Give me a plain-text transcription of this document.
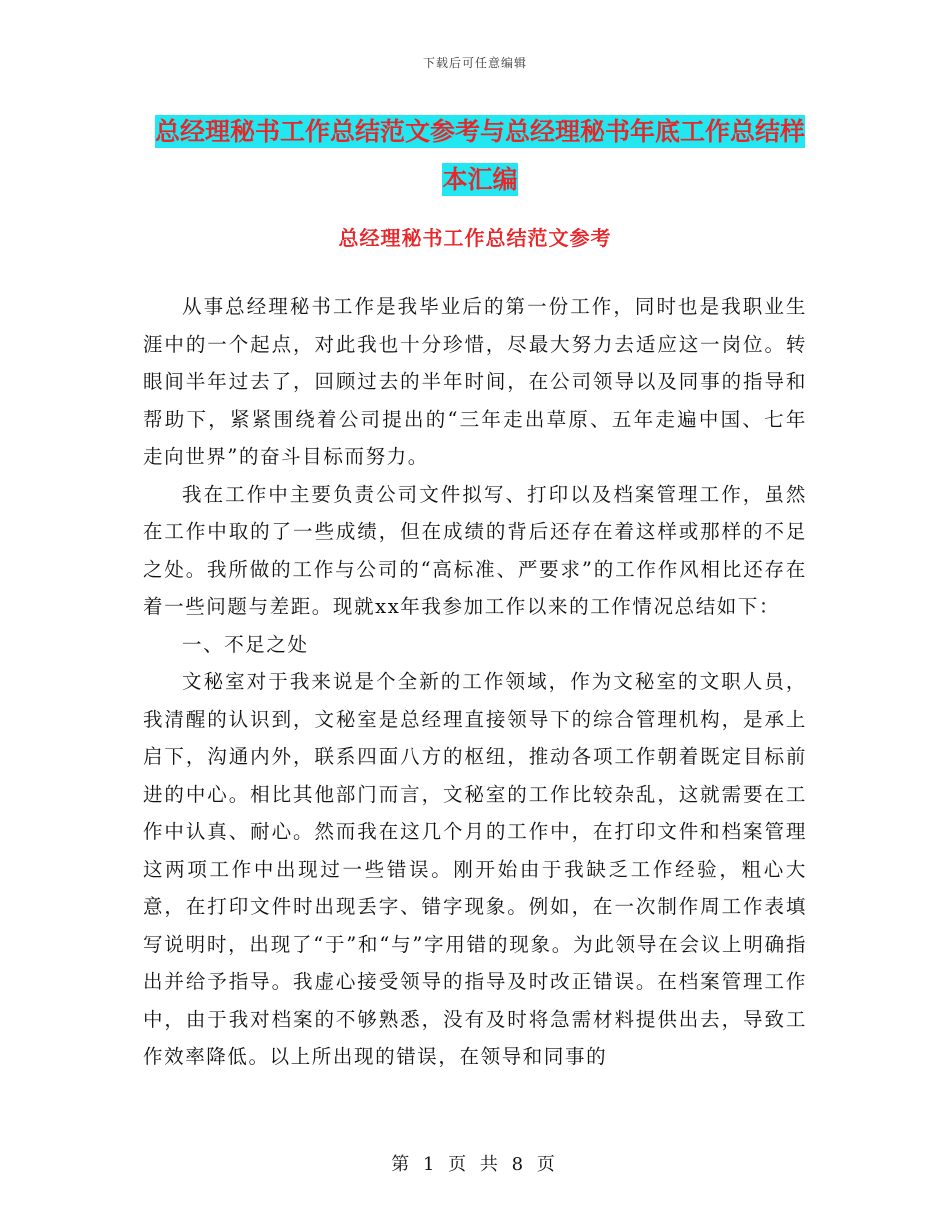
下载后可任意编辑
总经理秘书工作总结范文参考与总经理秘书年底工作总结样本汇编
总经理秘书工作总结范文参考

从事总经理秘书工作是我毕业后的第一份工作，同时也是我职业生涯中的一个起点，对此我也十分珍惜，尽最大努力去适应这一岗位。转眼间半年过去了，回顾过去的半年时间，在公司领导以及同事的指导和帮助下，紧紧围绕着公司提出的“三年走出草原、五年走遍中国、七年走向世界”的奋斗目标而努力。

我在工作中主要负责公司文件拟写、打印以及档案管理工作，虽然在工作中取的了一些成绩，但在成绩的背后还存在着这样或那样的不足之处。我所做的工作与公司的“高标准、严要求”的工作作风相比还存在着一些问题与差距。现就xx年我参加工作以来的工作情况总结如下：

一、不足之处

文秘室对于我来说是个全新的工作领域，作为文秘室的文职人员，我清醒的认识到，文秘室是总经理直接领导下的综合管理机构，是承上启下，沟通内外，联系四面八方的枢纽，推动各项工作朝着既定目标前进的中心。相比其他部门而言，文秘室的工作比较杂乱，这就需要在工作中认真、耐心。然而我在这几个月的工作中，在打印文件和档案管理这两项工作中出现过一些错误。刚开始由于我缺乏工作经验，粗心大意，在打印文件时出现丢字、错字现象。例如，在一次制作周工作表填写说明时，出现了“于”和“与”字用错的现象。为此领导在会议上明确指出并给予指导。我虚心接受领导的指导及时改正错误。在档案管理工作中，由于我对档案的不够熟悉，没有及时将急需材料提供出去，导致工作效率降低。以上所出现的错误，在领导和同事的

第 1 页 共 8 页
